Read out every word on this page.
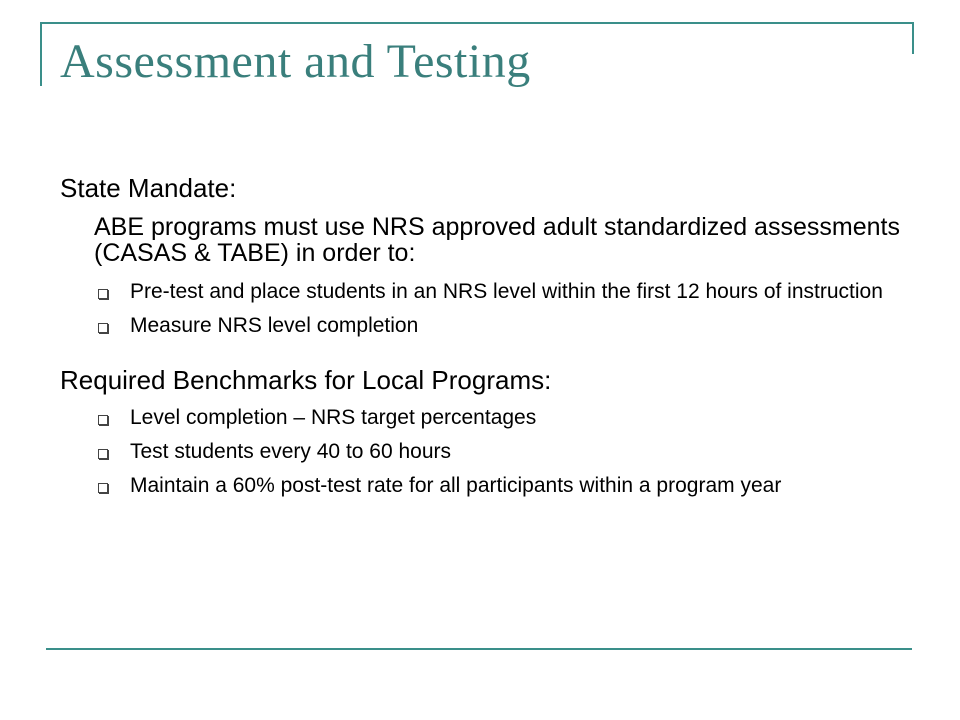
Assessment and Testing

State Mandate:

ABE programs must use NRS approved adult standardized assessments (CASAS & TABE) in order to:

Pre-test and place students in an NRS level within the first 12 hours of instruction
Measure NRS level completion

Required Benchmarks for Local Programs:

Level completion – NRS target percentages
Test students every 40 to 60 hours
Maintain a 60% post-test rate for all participants within a program year
